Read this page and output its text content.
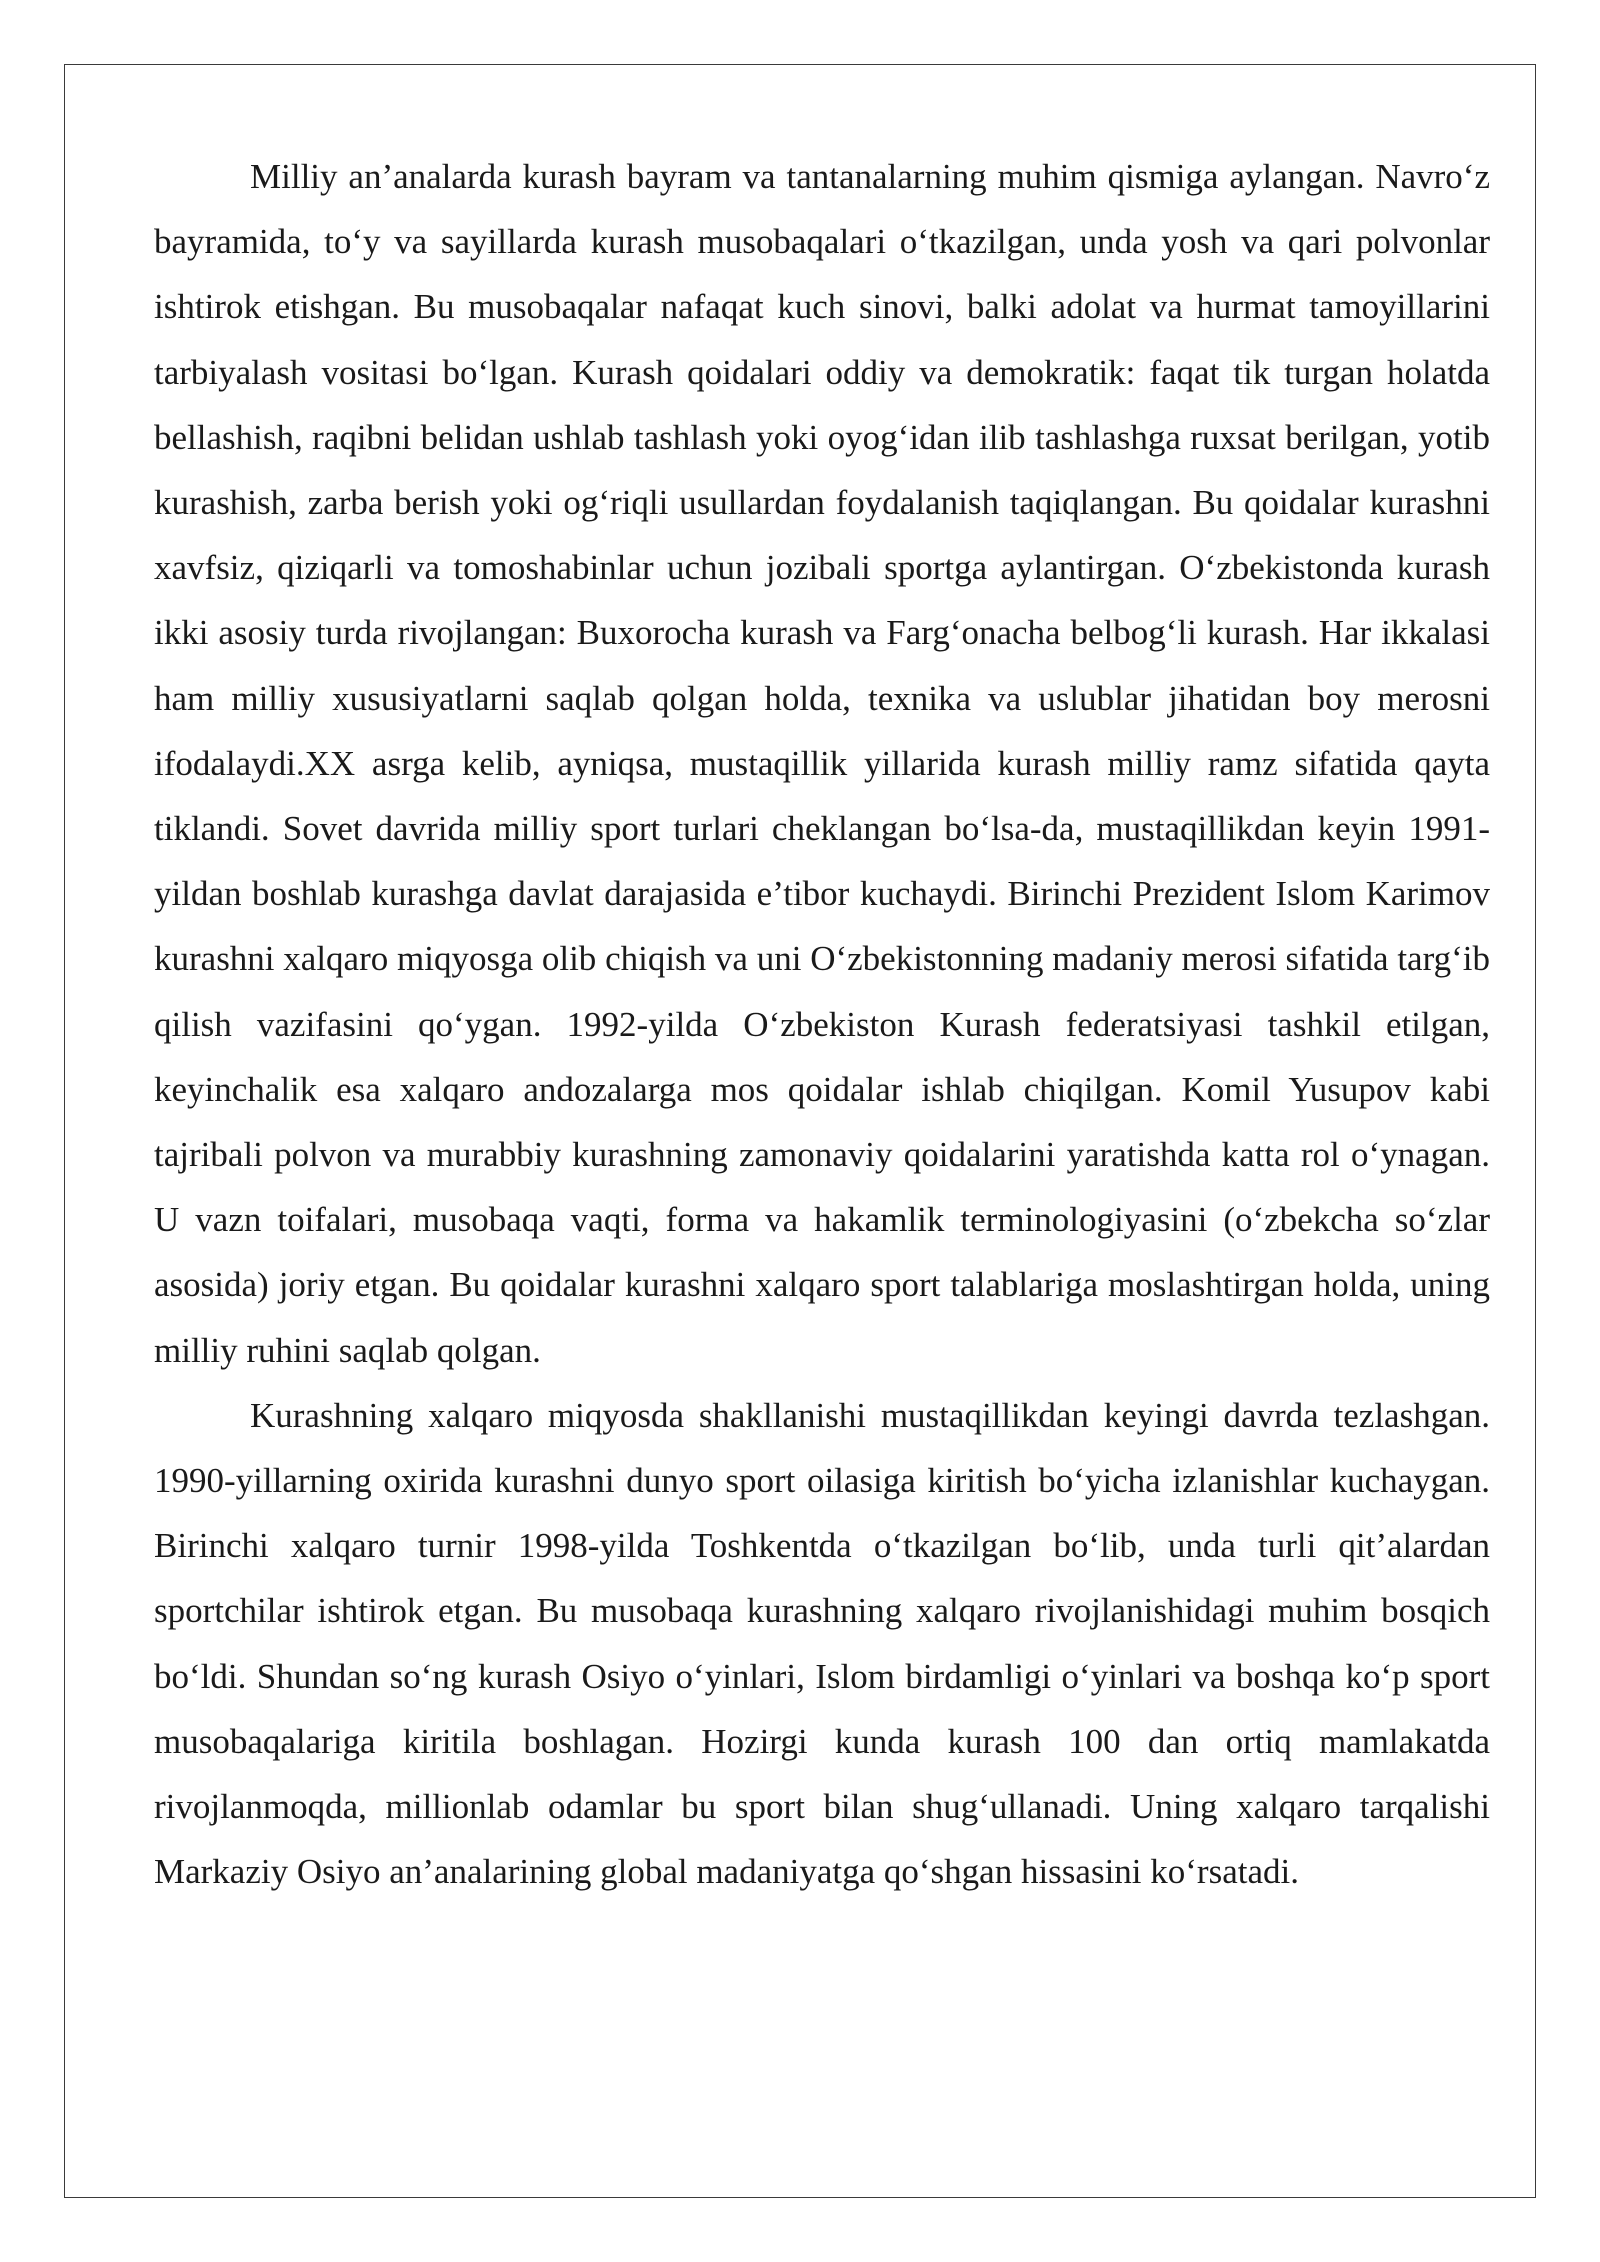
Milliy an’analarda kurash bayram va tantanalarning muhim qismiga aylangan. Navro‘z bayramida, to‘y va sayillarda kurash musobaqalari o‘tkazilgan, unda yosh va qari polvonlar ishtirok etishgan. Bu musobaqalar nafaqat kuch sinovi, balki adolat va hurmat tamoyillarini tarbiyalash vositasi bo‘lgan. Kurash qoidalari oddiy va demokratik: faqat tik turgan holatda bellashish, raqibni belidan ushlab tashlash yoki oyog‘idan ilib tashlashga ruxsat berilgan, yotib kurashish, zarba berish yoki og‘riqli usullardan foydalanish taqiqlangan. Bu qoidalar kurashni xavfsiz, qiziqarli va tomoshabinlar uchun jozibali sportga aylantirgan. O‘zbekistonda kurash ikki asosiy turda rivojlangan: Buxorocha kurash va Farg‘onacha belbog‘li kurash. Har ikkalasi ham milliy xususiyatlarni saqlab qolgan holda, texnika va uslublar jihatidan boy merosni ifodalaydi.XX asrga kelib, ayniqsa, mustaqillik yillarida kurash milliy ramz sifatida qayta tiklandi. Sovet davrida milliy sport turlari cheklangan bo‘lsa-da, mustaqillikdan keyin 1991-yildan boshlab kurashga davlat darajasida e’tibor kuchaydi. Birinchi Prezident Islom Karimov kurashni xalqaro miqyosga olib chiqish va uni O‘zbekistonning madaniy merosi sifatida targ‘ib qilish vazifasini qo‘ygan. 1992-yilda O‘zbekiston Kurash federatsiyasi tashkil etilgan, keyinchalik esa xalqaro andozalarga mos qoidalar ishlab chiqilgan. Komil Yusupov kabi tajribali polvon va murabbiy kurashning zamonaviy qoidalarini yaratishda katta rol o‘ynagan. U vazn toifalari, musobaqa vaqti, forma va hakamlik terminologiyasini (o‘zbekcha so‘zlar asosida) joriy etgan. Bu qoidalar kurashni xalqaro sport talablariga moslashtirgan holda, uning milliy ruhini saqlab qolgan.

Kurashning xalqaro miqyosda shakllanishi mustaqillikdan keyingi davrda tezlashgan. 1990-yillarning oxirida kurashni dunyo sport oilasiga kiritish bo‘yicha izlanishlar kuchaygan. Birinchi xalqaro turnir 1998-yilda Toshkentda o‘tkazilgan bo‘lib, unda turli qit’alardan sportchilar ishtirok etgan. Bu musobaqa kurashning xalqaro rivojlanishidagi muhim bosqich bo‘ldi. Shundan so‘ng kurash Osiyo o‘yinlari, Islom birdamligi o‘yinlari va boshqa ko‘p sport musobaqalariga kiritila boshlagan. Hozirgi kunda kurash 100 dan ortiq mamlakatda rivojlanmoqda, millionlab odamlar bu sport bilan shug‘ullanadi. Uning xalqaro tarqalishi Markaziy Osiyo an’analarining global madaniyatga qo‘shgan hissasini ko‘rsatadi.
